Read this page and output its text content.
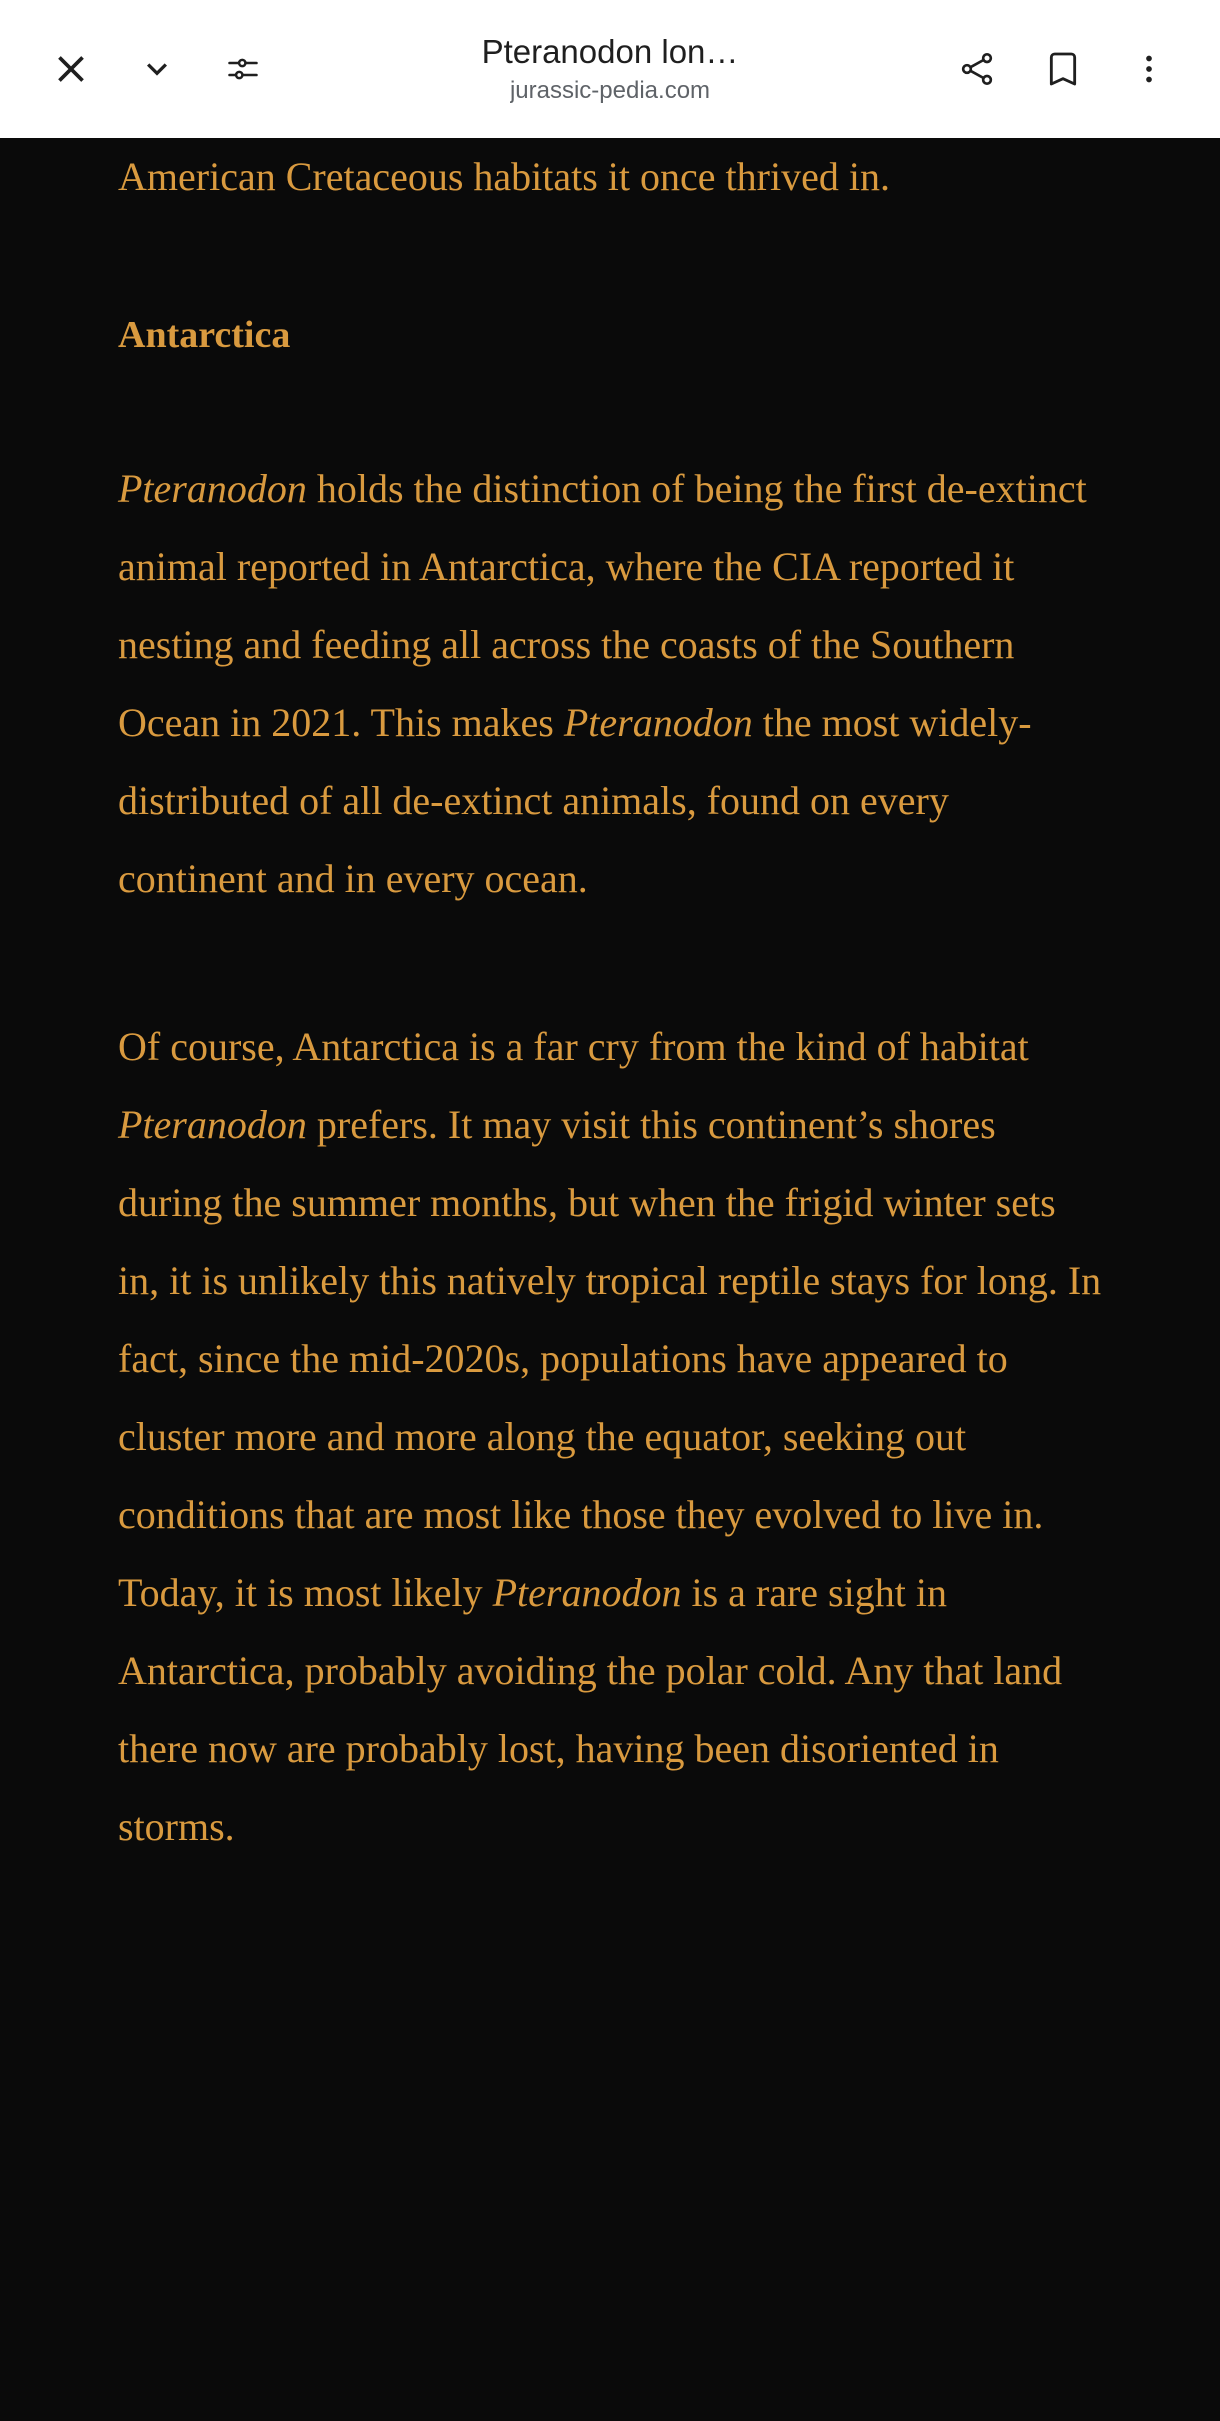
Pteranodon lon…
jurassic-pedia.com

American Cretaceous habitats it once thrived in.

Antarctica

Pteranodon holds the distinction of being the first de-extinct animal reported in Antarctica, where the CIA reported it nesting and feeding all across the coasts of the Southern Ocean in 2021. This makes Pteranodon the most widely-distributed of all de-extinct animals, found on every continent and in every ocean.

Of course, Antarctica is a far cry from the kind of habitat Pteranodon prefers. It may visit this continent’s shores during the summer months, but when the frigid winter sets in, it is unlikely this natively tropical reptile stays for long. In fact, since the mid-2020s, populations have appeared to cluster more and more along the equator, seeking out conditions that are most like those they evolved to live in. Today, it is most likely Pteranodon is a rare sight in Antarctica, probably avoiding the polar cold. Any that land there now are probably lost, having been disoriented in
storms.
